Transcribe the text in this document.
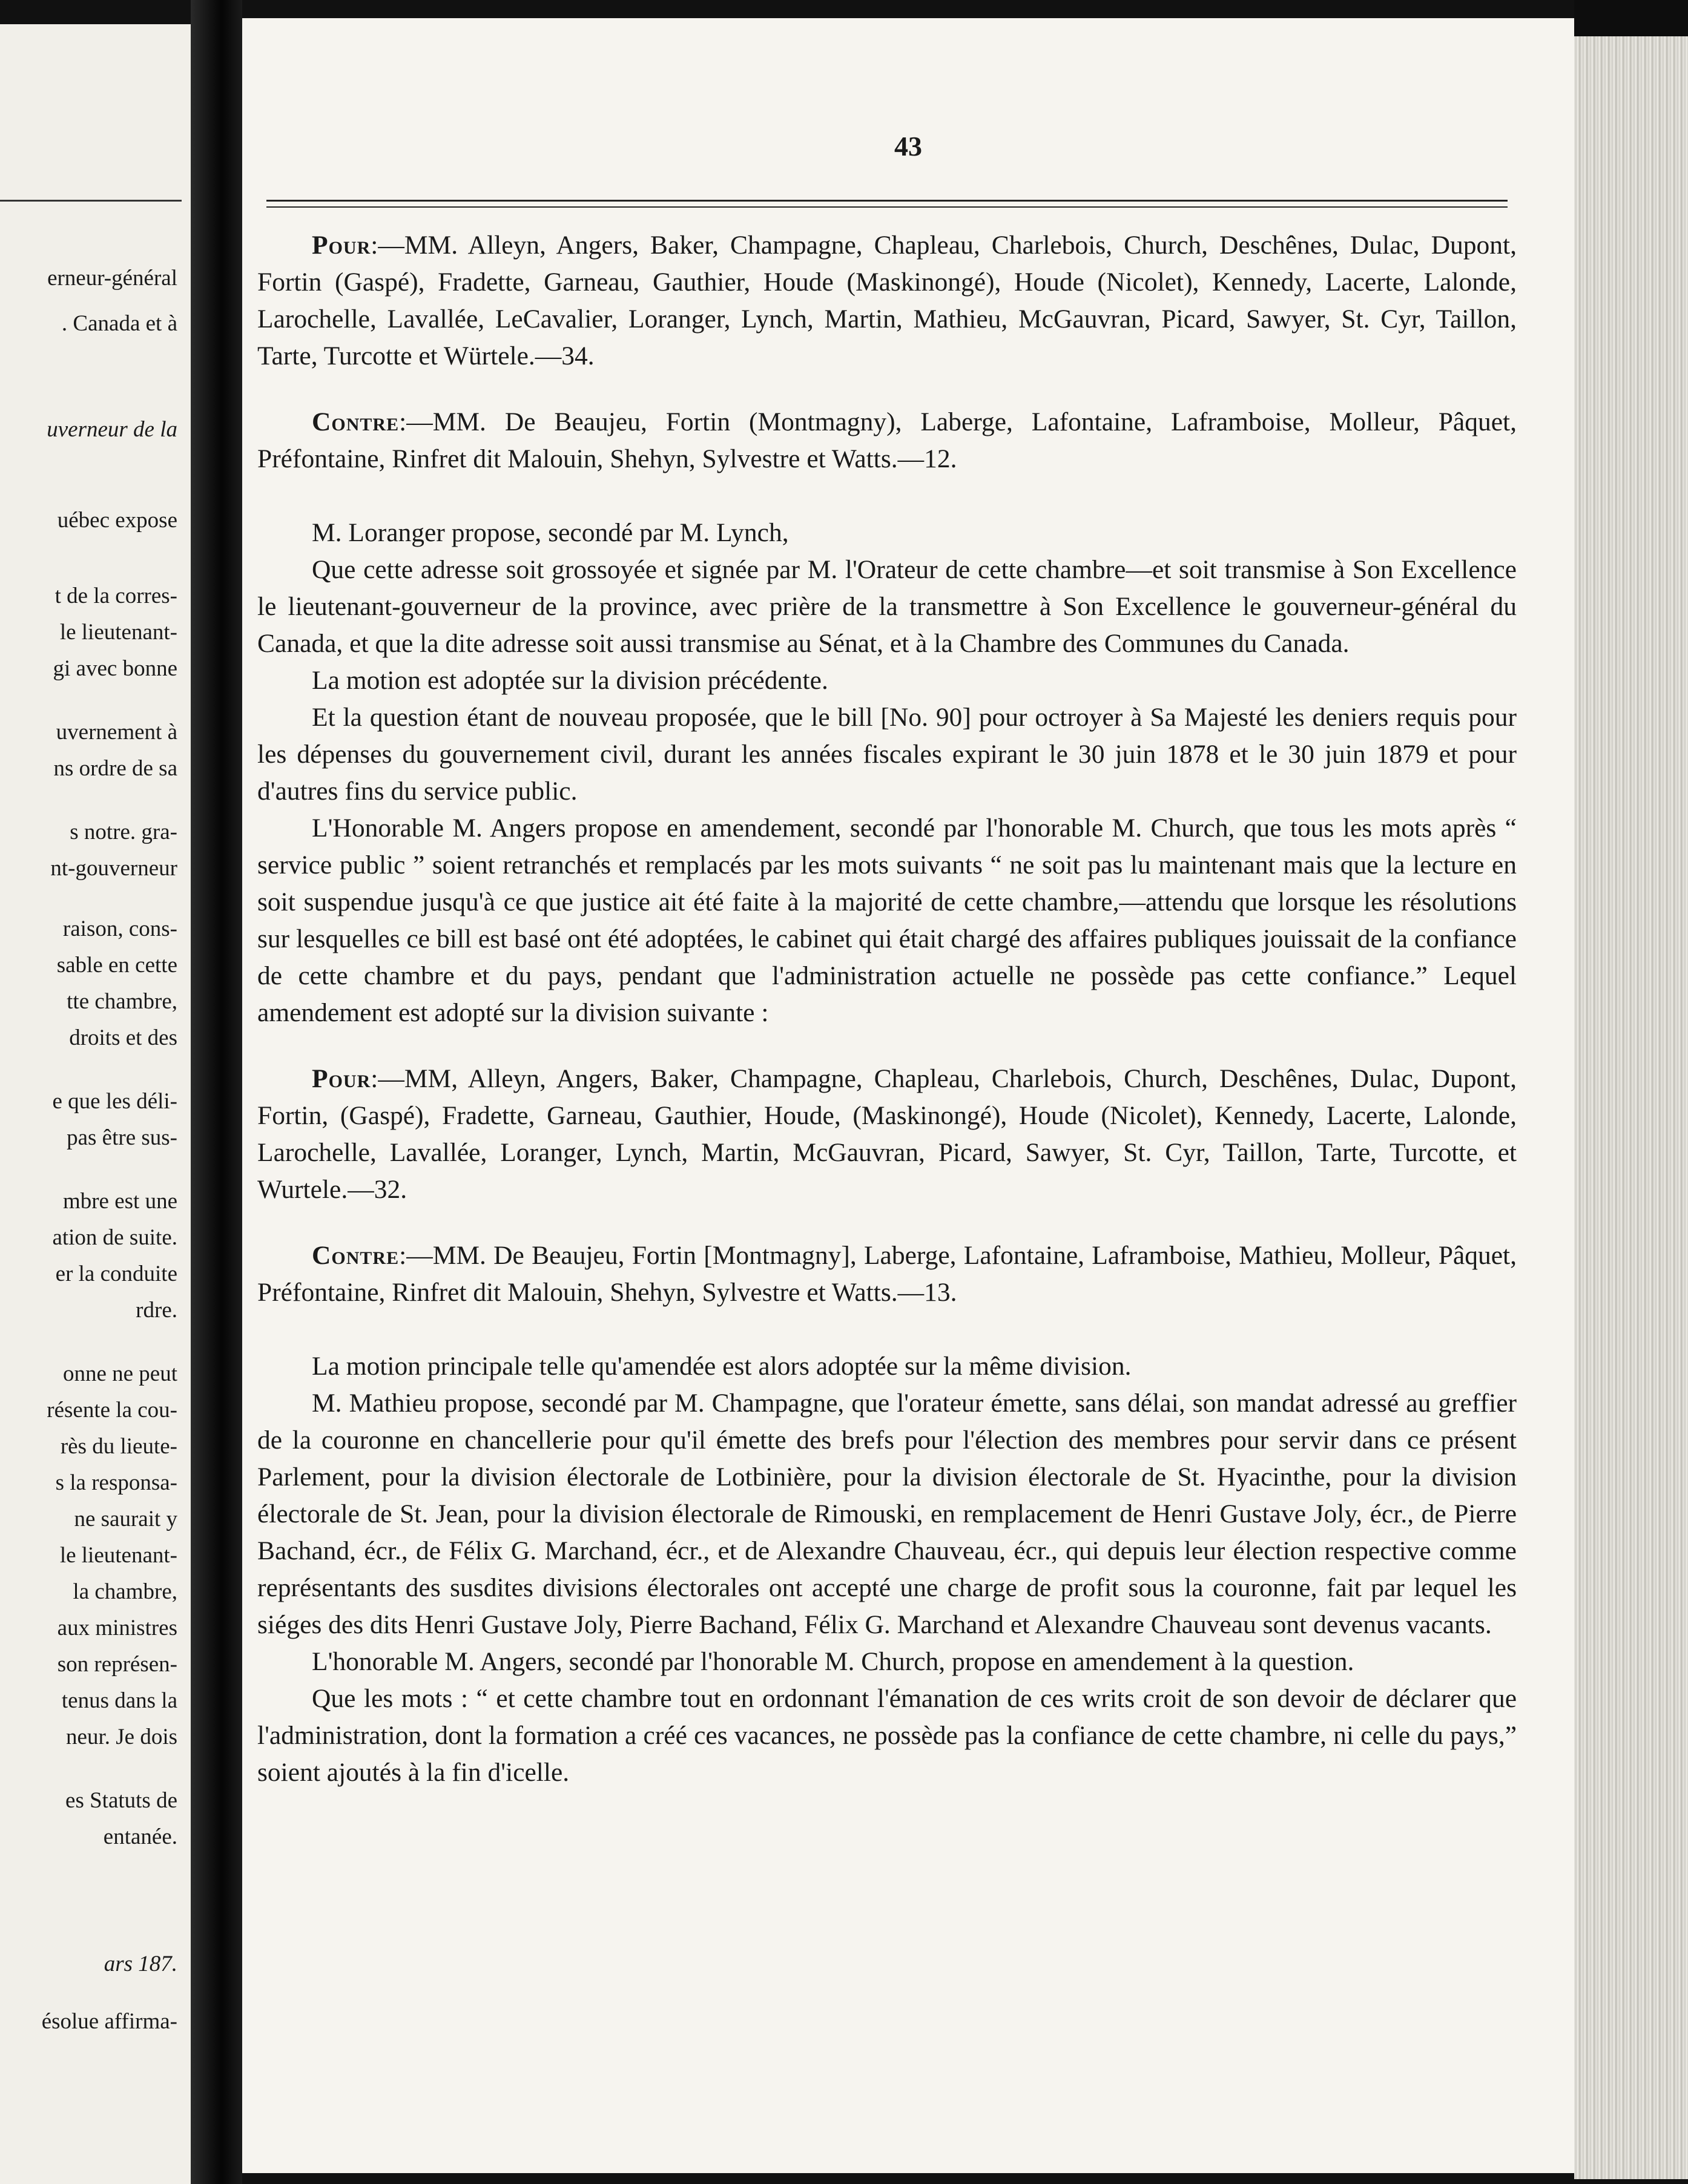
erneur-général
. Canada et à
uverneur de la
uébec expose
t de la corres-
le lieutenant-
gi avec bonne
uvernement à
ns ordre de sa
s notre. gra-
nt-gouverneur
raison, cons-
sable en cette
tte chambre,
droits et des
e que les déli-
pas être sus-
mbre est une
ation de suite.
er la conduite
rdre.
onne ne peut
résente la cou-
rès du lieute-
s la responsa-
ne saurait y
le lieutenant-
la chambre,
aux ministres
son représen-
tenus dans la
neur. Je dois
es Statuts de
entanée.
ars 187.
ésolue affirma-
43

Pour:—MM. Alleyn, Angers, Baker, Champagne, Chapleau, Charlebois, Church, Deschênes, Dulac, Dupont, Fortin (Gaspé), Fradette, Garneau, Gauthier, Houde (Maskinongé), Houde (Nicolet), Kennedy, Lacerte, Lalonde, Larochelle, Lavallée, LeCavalier, Loranger, Lynch, Martin, Mathieu, McGauvran, Picard, Sawyer, St. Cyr, Taillon, Tarte, Turcotte et Würtele.—34.

Contre:—MM. De Beaujeu, Fortin (Montmagny), Laberge, Lafontaine, Laframboise, Molleur, Pâquet, Préfontaine, Rinfret dit Malouin, Shehyn, Sylvestre et Watts.—12.

M. Loranger propose, secondé par M. Lynch,

Que cette adresse soit grossoyée et signée par M. l'Orateur de cette chambre—et soit transmise à Son Excellence le lieutenant-gouverneur de la province, avec prière de la transmettre à Son Excellence le gouverneur-général du Canada, et que la dite adresse soit aussi transmise au Sénat, et à la Chambre des Communes du Canada.

La motion est adoptée sur la division précédente.

Et la question étant de nouveau proposée, que le bill [No. 90] pour octroyer à Sa Majesté les deniers requis pour les dépenses du gouvernement civil, durant les années fiscales expirant le 30 juin 1878 et le 30 juin 1879 et pour d'autres fins du service public.

L'Honorable M. Angers propose en amendement, secondé par l'honorable M. Church, que tous les mots après “ service public ” soient retranchés et remplacés par les mots suivants “ ne soit pas lu maintenant mais que la lecture en soit suspendue jusqu'à ce que justice ait été faite à la majorité de cette chambre,—attendu que lorsque les résolutions sur lesquelles ce bill est basé ont été adoptées, le cabinet qui était chargé des affaires publiques jouissait de la confiance de cette chambre et du pays, pendant que l'administration actuelle ne possède pas cette confiance.” Lequel amendement est adopté sur la division suivante :

Pour:—MM, Alleyn, Angers, Baker, Champagne, Chapleau, Charlebois, Church, Deschênes, Dulac, Dupont, Fortin, (Gaspé), Fradette, Garneau, Gauthier, Houde, (Maskinongé), Houde (Nicolet), Kennedy, Lacerte, Lalonde, Larochelle, Lavallée, Loranger, Lynch, Martin, McGauvran, Picard, Sawyer, St. Cyr, Taillon, Tarte, Turcotte, et Wurtele.—32.

Contre:—MM. De Beaujeu, Fortin [Montmagny], Laberge, Lafontaine, Laframboise, Mathieu, Molleur, Pâquet, Préfontaine, Rinfret dit Malouin, Shehyn, Sylvestre et Watts.—13.

La motion principale telle qu'amendée est alors adoptée sur la même division.

M. Mathieu propose, secondé par M. Champagne, que l'orateur émette, sans délai, son mandat adressé au greffier de la couronne en chancellerie pour qu'il émette des brefs pour l'élection des membres pour servir dans ce présent Parlement, pour la division électorale de Lotbinière, pour la division électorale de St. Hyacinthe, pour la division électorale de St. Jean, pour la division électorale de Rimouski, en remplacement de Henri Gustave Joly, écr., de Pierre Bachand, écr., de Félix G. Marchand, écr., et de Alexandre Chauveau, écr., qui depuis leur élection respective comme représentants des susdites divisions électorales ont accepté une charge de profit sous la couronne, fait par lequel les siéges des dits Henri Gustave Joly, Pierre Bachand, Félix G. Marchand et Alexandre Chauveau sont devenus vacants.

L'honorable M. Angers, secondé par l'honorable M. Church, propose en amendement à la question.

Que les mots : “ et cette chambre tout en ordonnant l'émanation de ces writs croit de son devoir de déclarer que l'administration, dont la formation a créé ces vacances, ne possède pas la confiance de cette chambre, ni celle du pays,” soient ajoutés à la fin d'icelle.
